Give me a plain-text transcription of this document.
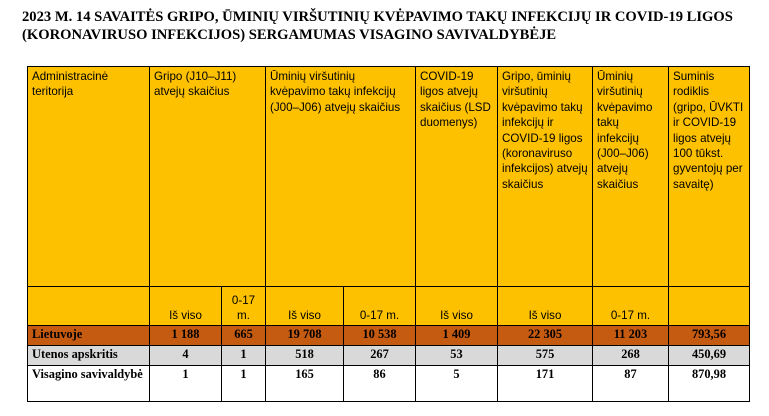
2023 M. 14 SAVAITĖS GRIPO, ŪMINIŲ VIRŠUTINIŲ KVĖPAVIMO TAKŲ INFEKCIJŲ IR COVID-19 LIGOS
(KORONAVIRUSO INFEKCIJOS) SERGAMUMAS VISAGINO SAVIVALDYBĖJE
Administracinė teritorija	Gripo (J10–J11) atvejų skaičius		Ūminių viršutinių kvėpavimo takų infekcijų (J00–J06) atvejų skaičius		COVID-19 ligos atvejų skaičius (LSD duomenys)	Gripo, ūminių viršutinių kvėpavimo takų infekcijų ir COVID-19 ligos (koronaviruso infekcijos) atvejų skaičius	Ūminių viršutinių kvėpavimo takų infekcijų (J00–J06) atvejų skaičius	Suminis rodiklis (gripo, ŪVKTI ir COVID-19 ligos atvejų 100 tūkst. gyventojų per savaitę)
	Iš viso	0-17 m.	Iš viso	0-17 m.	Iš viso	Iš viso	0-17 m.	
Lietuvoje	1 188	665	19 708	10 538	1 409	22 305	11 203	793,56
Utenos apskritis	4	1	518	267	53	575	268	450,69
Visagino savivaldybė	1	1	165	86	5	171	87	870,98
